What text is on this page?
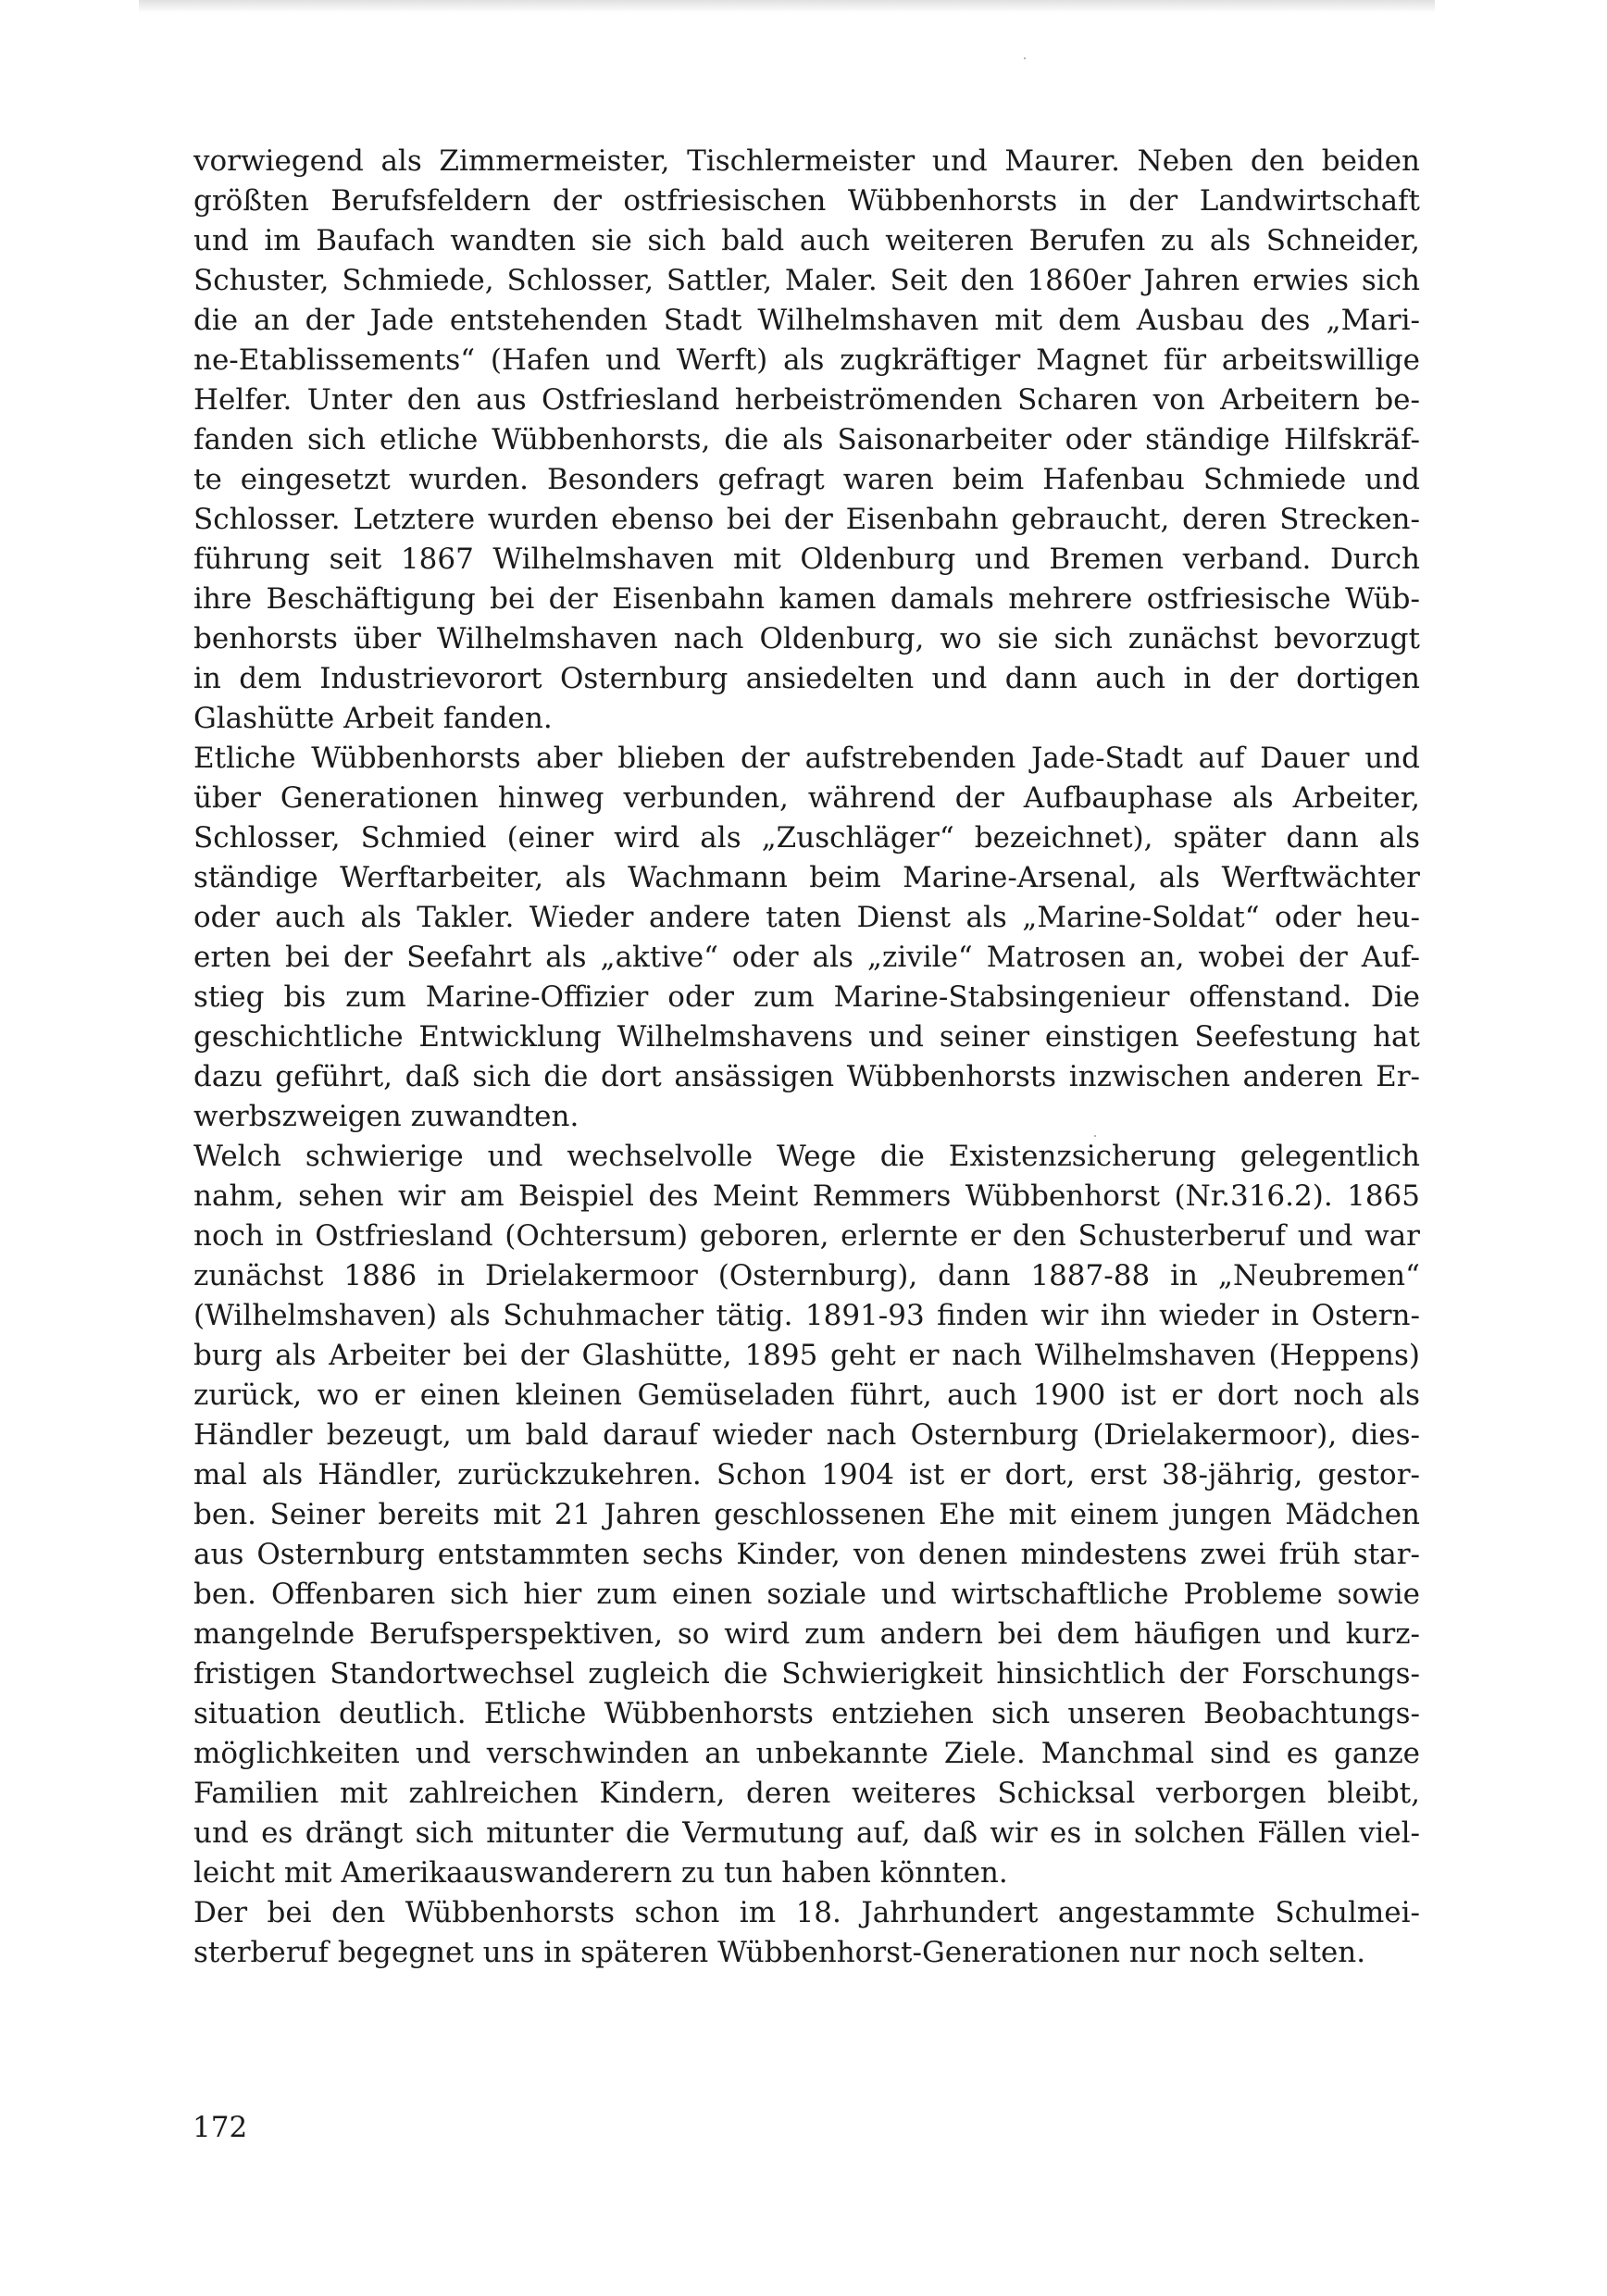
vorwiegend als Zimmermeister, Tischlermeister und Maurer. Neben den beiden
größten Berufsfeldern der ostfriesischen Wübbenhorsts in der Landwirtschaft
und im Baufach wandten sie sich bald auch weiteren Berufen zu als Schneider,
Schuster, Schmiede, Schlosser, Sattler, Maler. Seit den 1860er Jahren erwies sich
die an der Jade entstehenden Stadt Wilhelmshaven mit dem Ausbau des „Mari-
ne-Etablissements“ (Hafen und Werft) als zugkräftiger Magnet für arbeitswillige
Helfer. Unter den aus Ostfriesland herbeiströmenden Scharen von Arbeitern be-
fanden sich etliche Wübbenhorsts, die als Saisonarbeiter oder ständige Hilfskräf-
te eingesetzt wurden. Besonders gefragt waren beim Hafenbau Schmiede und
Schlosser. Letztere wurden ebenso bei der Eisenbahn gebraucht, deren Strecken-
führung seit 1867 Wilhelmshaven mit Oldenburg und Bremen verband. Durch
ihre Beschäftigung bei der Eisenbahn kamen damals mehrere ostfriesische Wüb-
benhorsts über Wilhelmshaven nach Oldenburg, wo sie sich zunächst bevorzugt
in dem Industrievorort Osternburg ansiedelten und dann auch in der dortigen
Glashütte Arbeit fanden.
Etliche Wübbenhorsts aber blieben der aufstrebenden Jade-Stadt auf Dauer und
über Generationen hinweg verbunden, während der Aufbauphase als Arbeiter,
Schlosser, Schmied (einer wird als „Zuschläger“ bezeichnet), später dann als
ständige Werftarbeiter, als Wachmann beim Marine-Arsenal, als Werftwächter
oder auch als Takler. Wieder andere taten Dienst als „Marine-Soldat“ oder heu-
erten bei der Seefahrt als „aktive“ oder als „zivile“ Matrosen an, wobei der Auf-
stieg bis zum Marine-Offizier oder zum Marine-Stabsingenieur offenstand. Die
geschichtliche Entwicklung Wilhelmshavens und seiner einstigen Seefestung hat
dazu geführt, daß sich die dort ansässigen Wübbenhorsts inzwischen anderen Er-
werbszweigen zuwandten.
Welch schwierige und wechselvolle Wege die Existenzsicherung gelegentlich
nahm, sehen wir am Beispiel des Meint Remmers Wübbenhorst (Nr.316.2). 1865
noch in Ostfriesland (Ochtersum) geboren, erlernte er den Schusterberuf und war
zunächst 1886 in Drielakermoor (Osternburg), dann 1887-88 in „Neubremen“
(Wilhelmshaven) als Schuhmacher tätig. 1891-93 finden wir ihn wieder in Ostern-
burg als Arbeiter bei der Glashütte, 1895 geht er nach Wilhelmshaven (Heppens)
zurück, wo er einen kleinen Gemüseladen führt, auch 1900 ist er dort noch als
Händler bezeugt, um bald darauf wieder nach Osternburg (Drielakermoor), dies-
mal als Händler, zurückzukehren. Schon 1904 ist er dort, erst 38-jährig, gestor-
ben. Seiner bereits mit 21 Jahren geschlossenen Ehe mit einem jungen Mädchen
aus Osternburg entstammten sechs Kinder, von denen mindestens zwei früh star-
ben. Offenbaren sich hier zum einen soziale und wirtschaftliche Probleme sowie
mangelnde Berufsperspektiven, so wird zum andern bei dem häufigen und kurz-
fristigen Standortwechsel zugleich die Schwierigkeit hinsichtlich der Forschungs-
situation deutlich. Etliche Wübbenhorsts entziehen sich unseren Beobachtungs-
möglichkeiten und verschwinden an unbekannte Ziele. Manchmal sind es ganze
Familien mit zahlreichen Kindern, deren weiteres Schicksal verborgen bleibt,
und es drängt sich mitunter die Vermutung auf, daß wir es in solchen Fällen viel-
leicht mit Amerikaauswanderern zu tun haben könnten.
Der bei den Wübbenhorsts schon im 18. Jahrhundert angestammte Schulmei-
sterberuf begegnet uns in späteren Wübbenhorst-Generationen nur noch selten.
172
